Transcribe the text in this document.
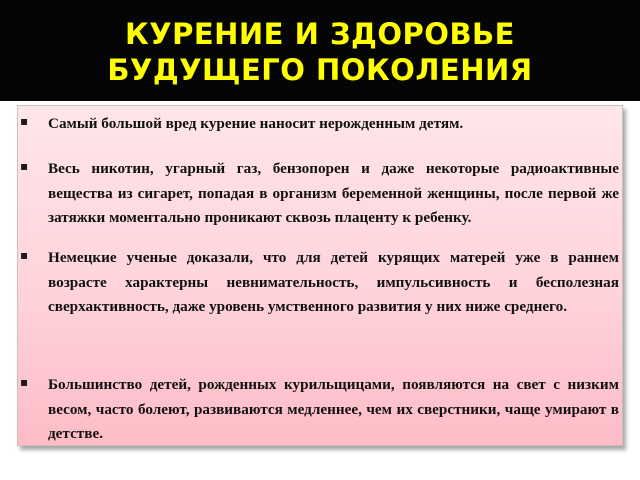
КУРЕНИЕ И ЗДОРОВЬЕ
БУДУЩЕГО ПОКОЛЕНИЯ
▪ Самый большой вред курение наносит нерожденным детям.
▪ Весь никотин, угарный газ, бензопорен и даже некоторые радиоактивные вещества из сигарет, попадая в организм беременной женщины, после первой же затяжки моментально проникают сквозь плаценту к ребенку.
▪ Немецкие ученые доказали, что для детей курящих матерей уже в раннем возрасте характерны невнимательность, импульсивность и бесполезная сверхактивность, даже уровень умственного развития у них ниже среднего.
▪ Большинство детей, рожденных курильщицами, появляются на свет с низким весом, часто болеют, развиваются медленнее, чем их сверстники, чаще умирают в детстве.
